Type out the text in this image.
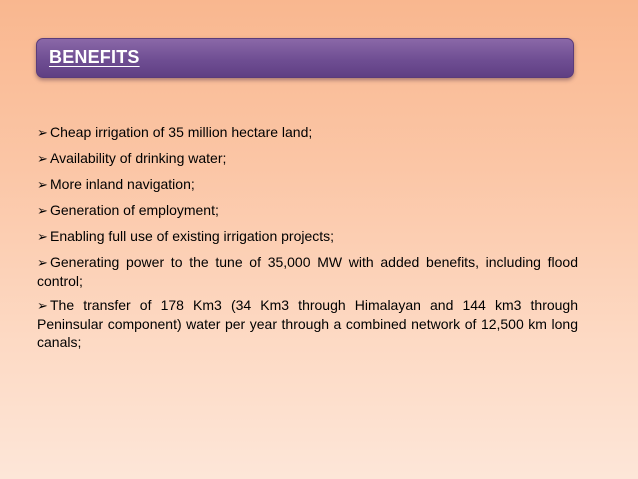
BENEFITS

➢ Cheap irrigation of 35 million hectare land;

➢ Availability of drinking water;

➢ More inland navigation;

➢ Generation of employment;

➢ Enabling full use of existing irrigation projects;

➢ Generating power to the tune of 35,000 MW with added benefits, including flood control;

➢ The transfer of 178 Km3 (34 Km3 through Himalayan and 144 km3 through Peninsular component) water per year through a combined network of 12,500 km long canals;
